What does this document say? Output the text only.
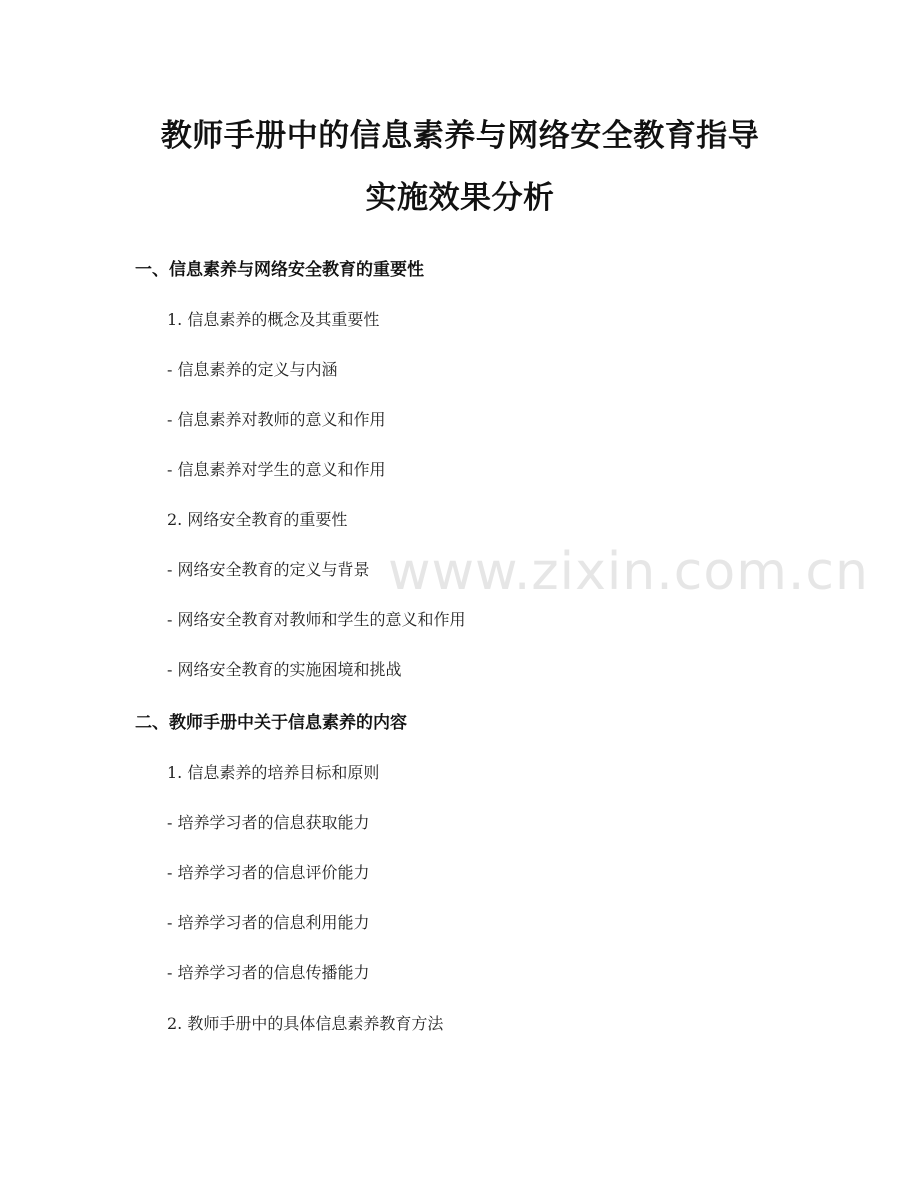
www.zixin.com.cn
教师手册中的信息素养与网络安全教育指导
实施效果分析
一、信息素养与网络安全教育的重要性
1. 信息素养的概念及其重要性
- 信息素养的定义与内涵
- 信息素养对教师的意义和作用
- 信息素养对学生的意义和作用
2. 网络安全教育的重要性
- 网络安全教育的定义与背景
- 网络安全教育对教师和学生的意义和作用
- 网络安全教育的实施困境和挑战
二、教师手册中关于信息素养的内容
1. 信息素养的培养目标和原则
- 培养学习者的信息获取能力
- 培养学习者的信息评价能力
- 培养学习者的信息利用能力
- 培养学习者的信息传播能力
2. 教师手册中的具体信息素养教育方法
